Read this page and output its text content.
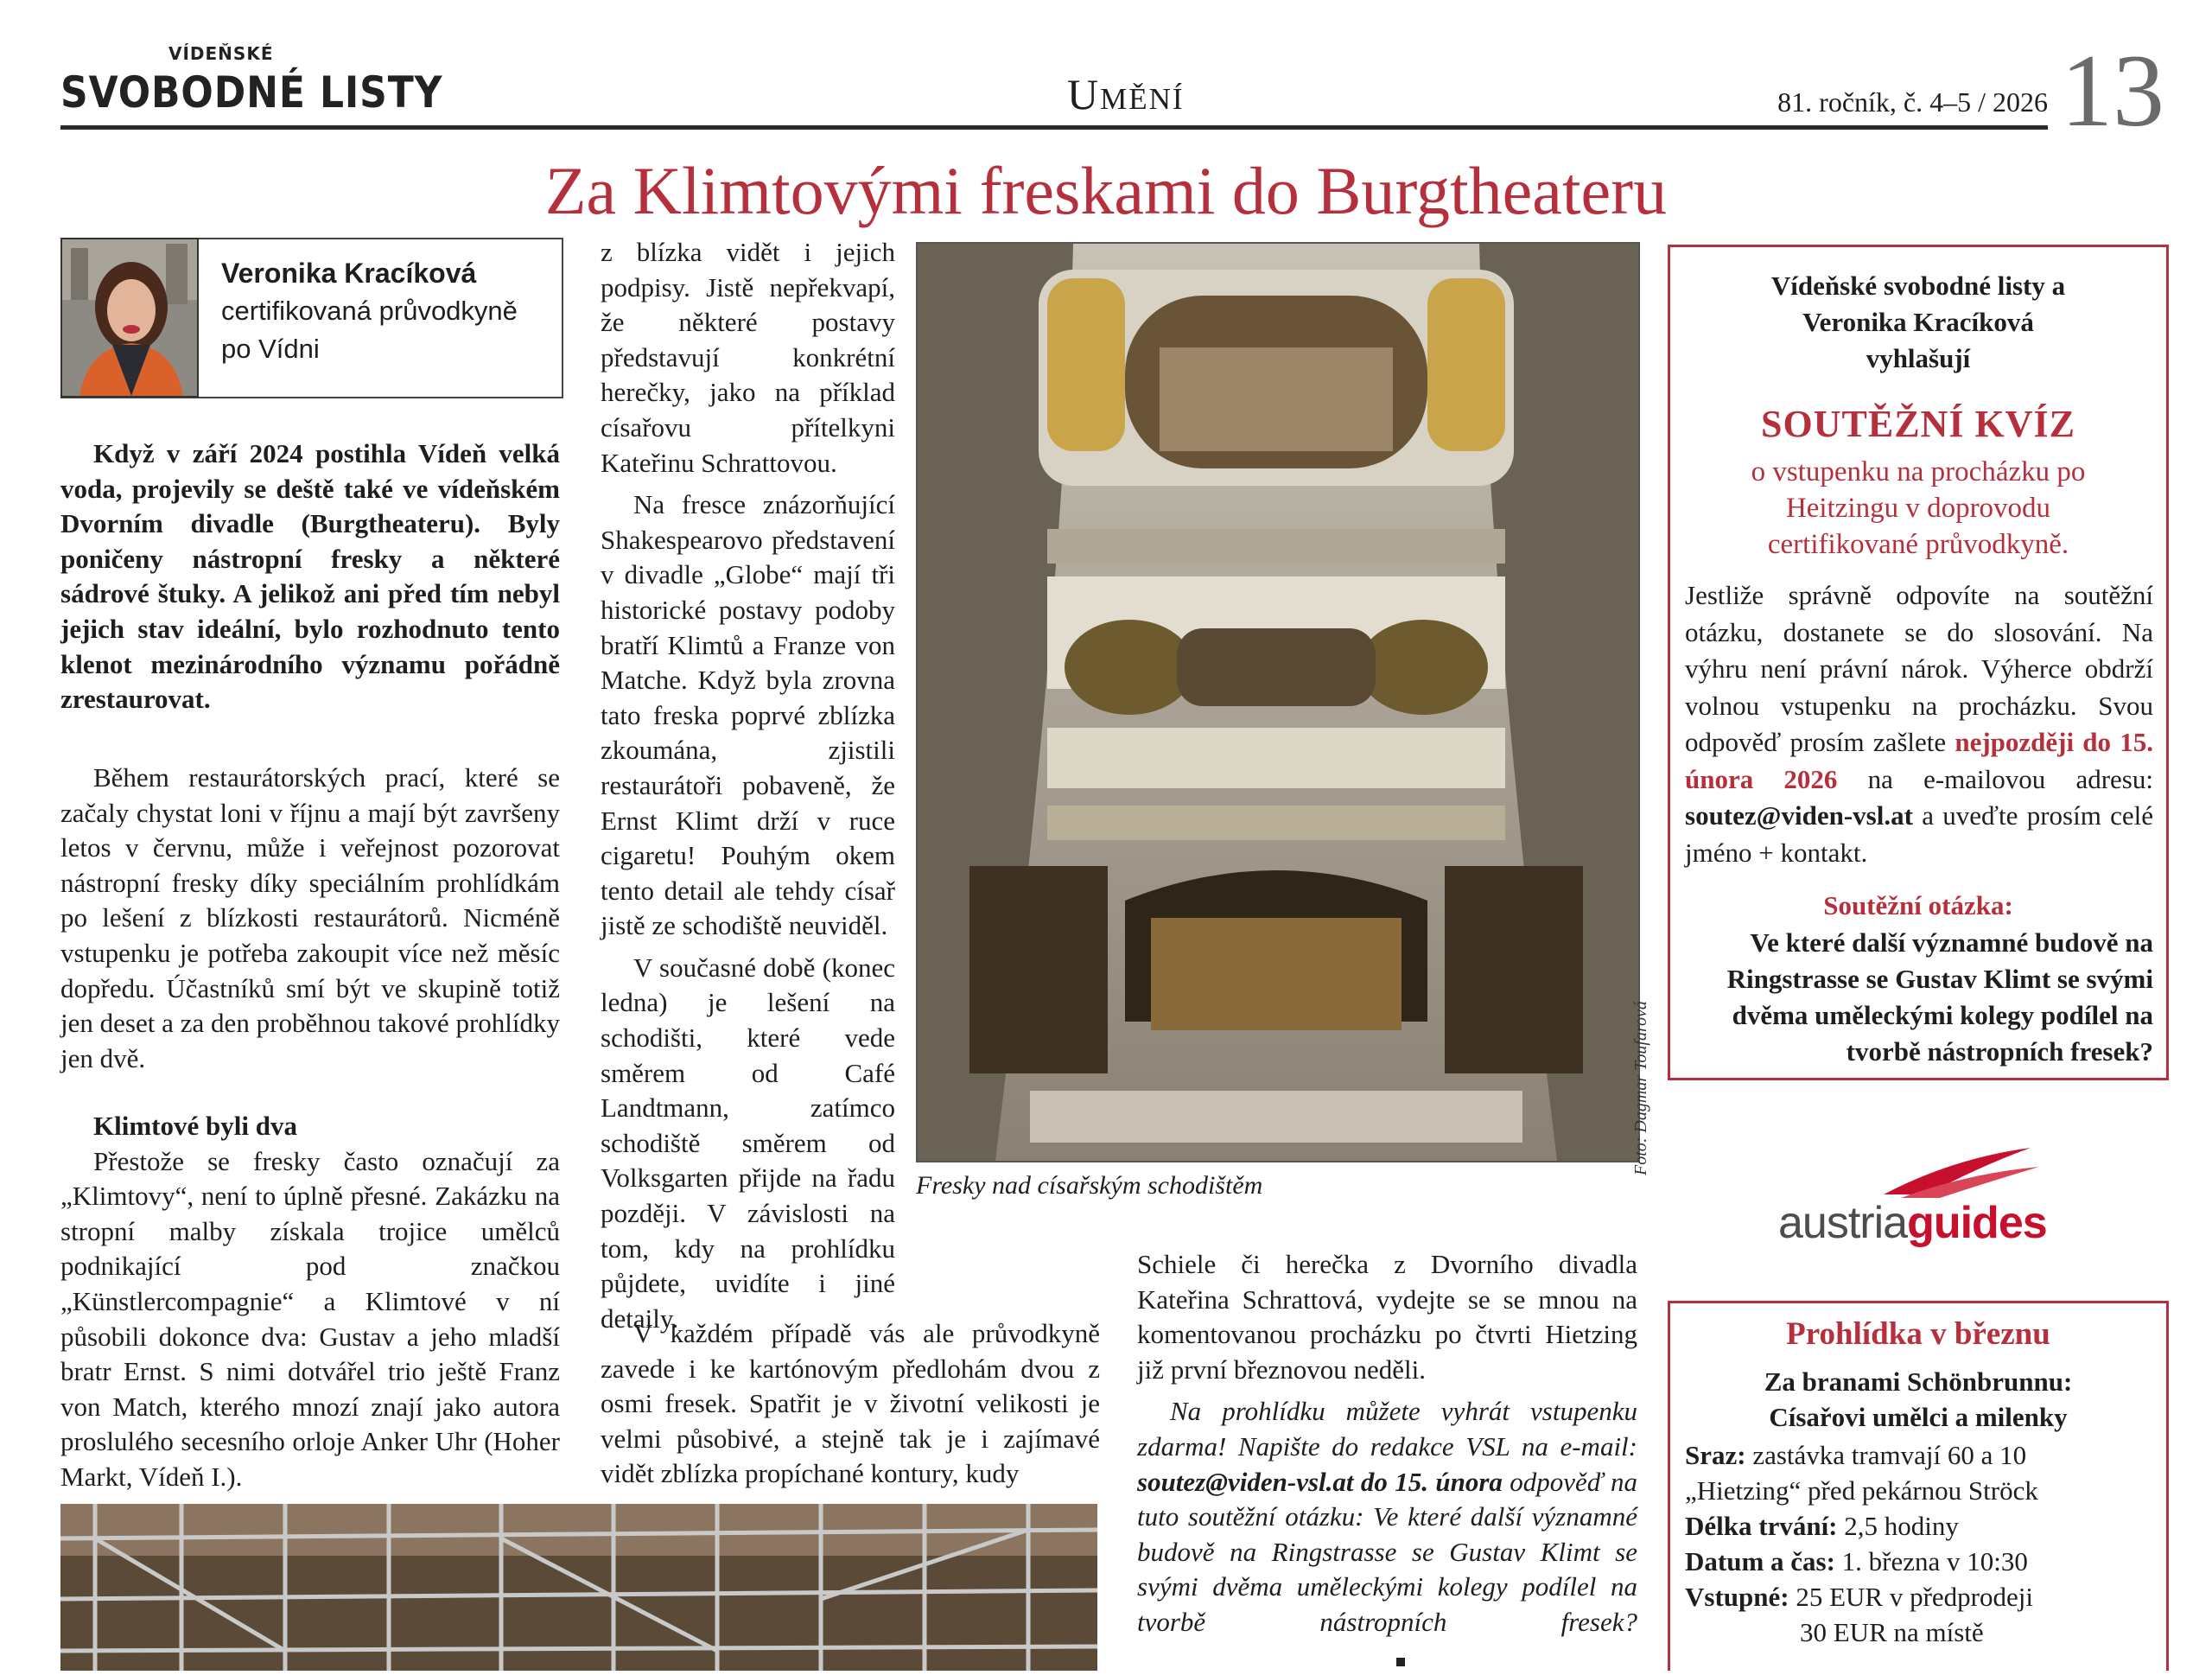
VÍDEŇSKÉ
SVOBODNÉ LISTY	Umění	81. ročník, č. 4–5 / 2026 13
Za Klimtovými freskami do Burgtheateru
Veronika Kracíková
certifikovaná průvodkyně po Vídni

Když v září 2024 postihla Vídeň velká voda, projevily se deště také ve vídeňském Dvorním divadle (Burgtheateru). Byly poničeny nástropní fresky a některé sádrové štuky. A jelikož ani před tím nebyl jejich stav ideální, bylo rozhodnuto tento klenot mezinárodního významu pořádně zrestaurovat.

Během restaurátorských prací, které se začaly chystat loni v říjnu a mají být završeny letos v červnu, může i veřejnost pozorovat nástropní fresky díky speciálním prohlídkám po lešení z blízkosti restaurátorů. Nicméně vstupenku je potřeba zakoupit více než měsíc dopředu. Účastníků smí být ve skupině totiž jen deset a za den proběhnou takové prohlídky jen dvě.

Klimtové byli dva

Přestože se fresky často označují za „Klimtovy“, není to úplně přesné. Zakázku na stropní malby získala trojice umělců podnikající pod značkou „Künstlercompagnie“ a Klimtové v ní působili dokonce dva: Gustav a jeho mladší bratr Ernst. S nimi dotvářel trio ještě Franz von Match, kterého mnozí znají jako autora proslulého secesního orloje Anker Uhr (Hoher Markt, Vídeň I.).

z blízka vidět i jejich podpisy. Jistě nepřekvapí, že některé postavy představují konkrétní herečky, jako na příklad císařovu přítelkyni Kateřinu Schrattovou.

Na fresce znázorňující Shakespearovo představení v divadle „Globe“ mají tři historické postavy podoby bratří Klimtů a Franze von Matche. Když byla zrovna tato freska poprvé zblízka zkoumána, zjistili restaurátoři pobaveně, že Ernst Klimt drží v ruce cigaretu! Pouhým okem tento detail ale tehdy císař jistě ze schodiště neuviděl.

V současné době (konec ledna) je lešení na schodišti, které vede směrem od Café Landtmann, zatímco schodiště směrem od Volksgarten přijde na řadu později. V závislosti na tom, kdy na prohlídku půjdete, uvidíte i jiné detaily.

V každém případě vás ale průvodkyně zavede i ke kartónovým předlohám dvou z osmi fresek. Spatřit je v životní velikosti je velmi působivé, a stejně tak je i zajímavé vidět zblízka propíchané kontury, kudy

Schiele či herečka z Dvorního divadla Kateřina Schrattová, vydejte se se mnou na komentovanou procházku po čtvrti Hietzing již první březnovou neděli.

Na prohlídku můžete vyhrát vstupenku zdarma! Napište do redakce VSL na e-mail: soutez@viden-vsl.at do 15. února odpověď na tuto soutěžní otázku: Ve které další významné budově na Ringstrasse se Gustav Klimt se svými dvěma uměleckými kolegy podílel na tvorbě nástropních fresek?

Fresky nad císařským schodištěm
Foto: Dagmar Toufarová
Vídeňské svobodné listy a Veronika Kracíková vyhlašují
SOUTĚŽNÍ KVÍZ
o vstupenku na procházku po Heitzingu v doprovodu certifikované průvodkyně.
Jestliže správně odpovíte na soutěžní otázku, dostanete se do slosování. Na výhru není právní nárok. Výherce obdrží volnou vstupenku na procházku. Svou odpověď prosím zašlete nejpozději do 15. února 2026 na e-mailovou adresu: soutez@viden-vsl.at a uveďte prosím celé jméno + kontakt.
Soutěžní otázka:
Ve které další významné budově na Ringstrasse se Gustav Klimt se svými dvěma uměleckými kolegy podílel na tvorbě nástropních fresek?
austriaguides
Prohlídka v březnu
Za branami Schönbrunnu: Císařovi umělci a milenky
Sraz: zastávka tramvají 60 a 10
„Hietzing“ před pekárnou Ströck
Délka trvání: 2,5 hodiny
Datum a čas: 1. března v 10:30
Vstupné: 25 EUR v předprodeji
30 EUR na místě
